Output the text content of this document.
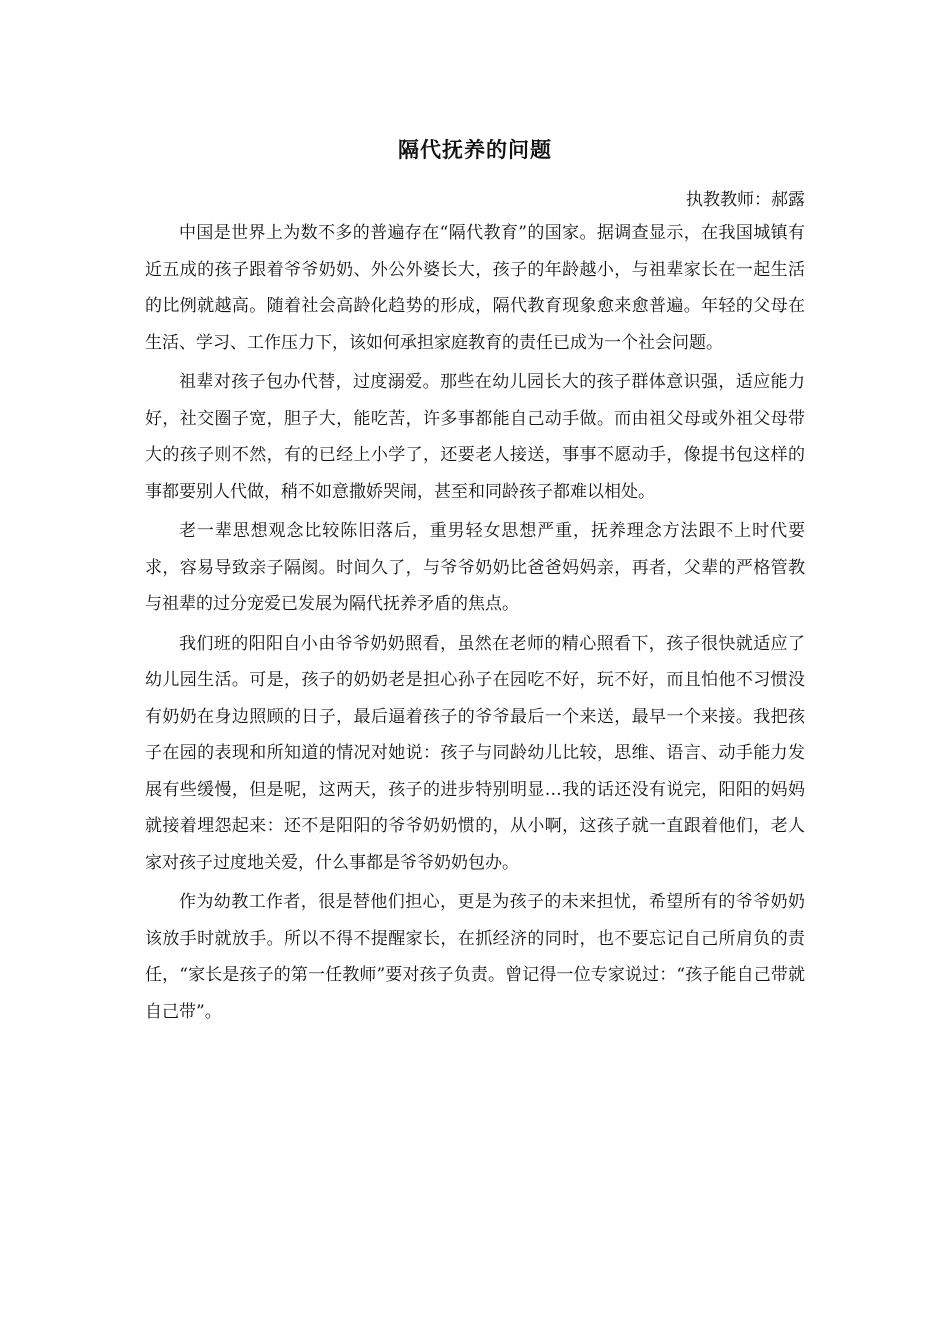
隔代抚养的问题

执教教师：郝露

中国是世界上为数不多的普遍存在“隔代教育”的国家。据调查显示，在我国城镇有近五成的孩子跟着爷爷奶奶、外公外婆长大，孩子的年龄越小，与祖辈家长在一起生活的比例就越高。随着社会高龄化趋势的形成，隔代教育现象愈来愈普遍。年轻的父母在生活、学习、工作压力下，该如何承担家庭教育的责任已成为一个社会问题。

祖辈对孩子包办代替，过度溺爱。那些在幼儿园长大的孩子群体意识强，适应能力好，社交圈子宽，胆子大，能吃苦，许多事都能自己动手做。而由祖父母或外祖父母带大的孩子则不然，有的已经上小学了，还要老人接送，事事不愿动手，像提书包这样的事都要别人代做，稍不如意撒娇哭闹，甚至和同龄孩子都难以相处。

老一辈思想观念比较陈旧落后，重男轻女思想严重，抚养理念方法跟不上时代要求，容易导致亲子隔阂。时间久了，与爷爷奶奶比爸爸妈妈亲，再者，父辈的严格管教与祖辈的过分宠爱已发展为隔代抚养矛盾的焦点。

我们班的阳阳自小由爷爷奶奶照看，虽然在老师的精心照看下，孩子很快就适应了幼儿园生活。可是，孩子的奶奶老是担心孙子在园吃不好，玩不好，而且怕他不习惯没有奶奶在身边照顾的日子，最后逼着孩子的爷爷最后一个来送，最早一个来接。我把孩子在园的表现和所知道的情况对她说：孩子与同龄幼儿比较，思维、语言、动手能力发展有些缓慢，但是呢，这两天，孩子的进步特别明显…我的话还没有说完，阳阳的妈妈就接着埋怨起来：还不是阳阳的爷爷奶奶惯的，从小啊，这孩子就一直跟着他们，老人家对孩子过度地关爱，什么事都是爷爷奶奶包办。

作为幼教工作者，很是替他们担心，更是为孩子的未来担忧，希望所有的爷爷奶奶该放手时就放手。所以不得不提醒家长，在抓经济的同时，也不要忘记自己所肩负的责任，“家长是孩子的第一任教师”要对孩子负责。曾记得一位专家说过：“孩子能自己带就自己带”。
